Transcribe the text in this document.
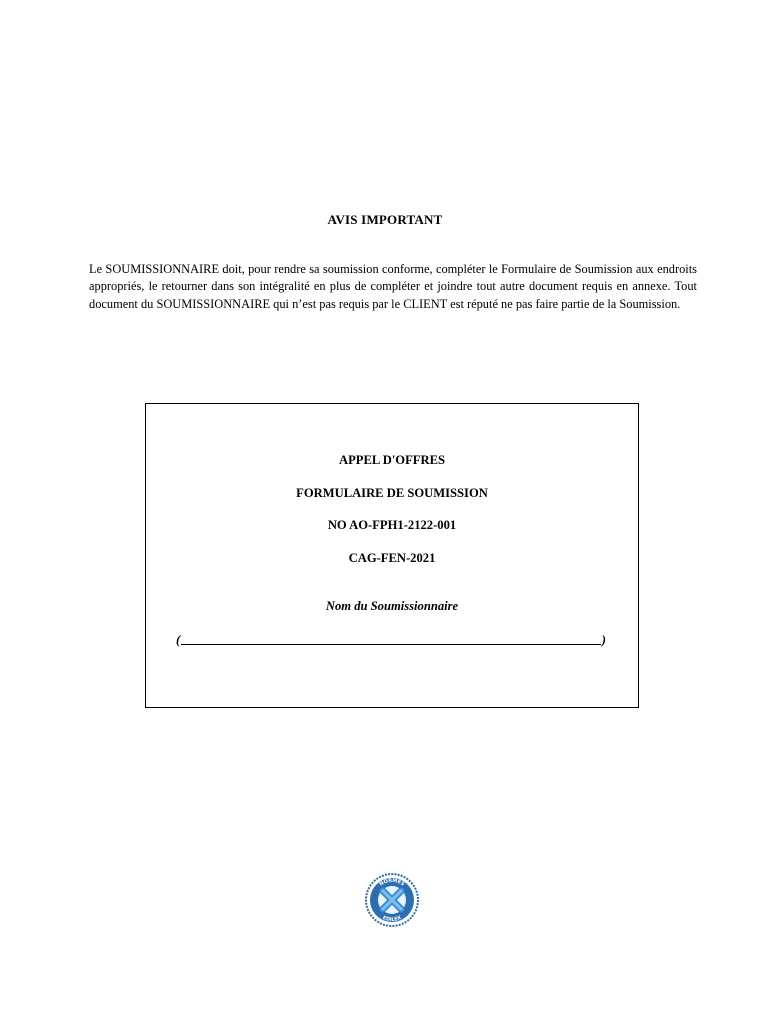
AVIS IMPORTANT
Le SOUMISSIONNAIRE doit, pour rendre sa soumission conforme, compléter le Formulaire de Soumission aux endroits appropriés, le retourner dans son intégralité en plus de compléter et joindre tout autre document requis en annexe. Tout document du SOUMISSIONNAIRE qui n’est pas requis par le CLIENT est réputé ne pas faire partie de la Soumission.
APPEL D'OFFRES
FORMULAIRE DE SOUMISSION
NO AO-FPH1-2122-001
CAG-FEN-2021
Nom du Soumissionnaire
(	)
NORMES
EDILEX
